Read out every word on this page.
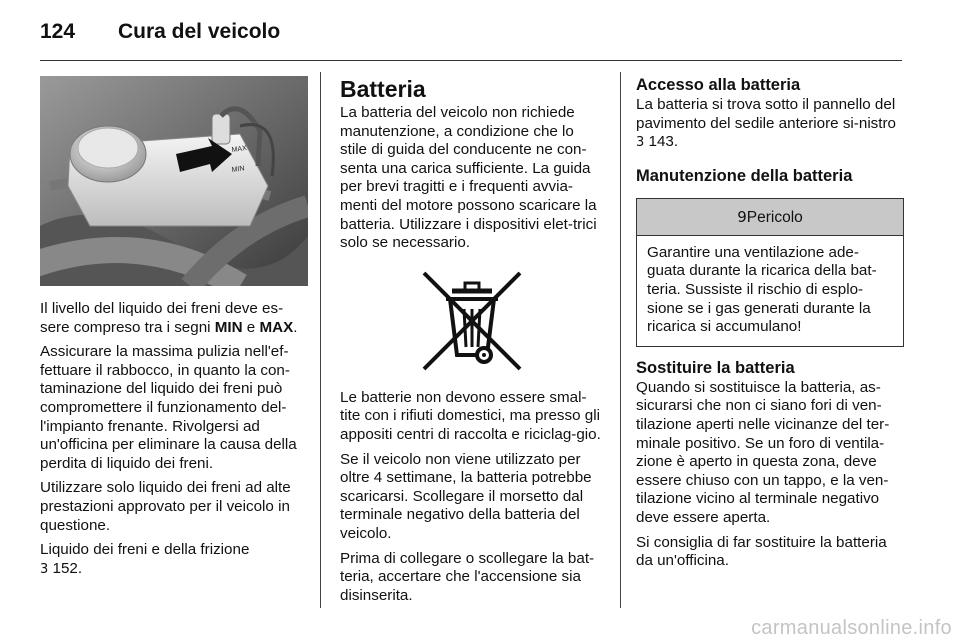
124 Cura del veicolo
MAX
MIN

Il livello del liquido dei freni deve es-sere compreso tra i segni MIN e MAX.

Assicurare la massima pulizia nell'ef-fettuare il rabbocco, in quanto la con-taminazione del liquido dei freni può compromettere il funzionamento del-l'impianto frenante. Rivolgersi ad un'officina per eliminare la causa della perdita di liquido dei freni.

Utilizzare solo liquido dei freni ad alte prestazioni approvato per il veicolo in questione.

Liquido dei freni e della frizione
3 152.

Batteria

La batteria del veicolo non richiede manutenzione, a condizione che lo stile di guida del conducente ne con-senta una carica sufficiente. La guida per brevi tragitti e i frequenti avvia-menti del motore possono scaricare la batteria. Utilizzare i dispositivi elet-trici solo se necessario.

Le batterie non devono essere smal-tite con i rifiuti domestici, ma presso gli appositi centri di raccolta e riciclag-gio.

Se il veicolo non viene utilizzato per oltre 4 settimane, la batteria potrebbe scaricarsi. Scollegare il morsetto dal terminale negativo della batteria del veicolo.

Prima di collegare o scollegare la bat-teria, accertare che l'accensione sia disinserita.

Accesso alla batteria

La batteria si trova sotto il pannello del pavimento del sedile anteriore si-nistro 3 143.

Manutenzione della batteria
9Pericolo
Garantire una ventilazione ade-guata durante la ricarica della bat-teria. Sussiste il rischio di esplo-sione se i gas generati durante la ricarica si accumulano!
Sostituire la batteria

Quando si sostituisce la batteria, as-sicurarsi che non ci siano fori di ven-tilazione aperti nelle vicinanze del ter-minale positivo. Se un foro di ventila-zione è aperto in questa zona, deve essere chiuso con un tappo, e la ven-tilazione vicino al terminale negativo deve essere aperta.

Si consiglia di far sostituire la batteria da un'officina.

carmanualsonline.info
